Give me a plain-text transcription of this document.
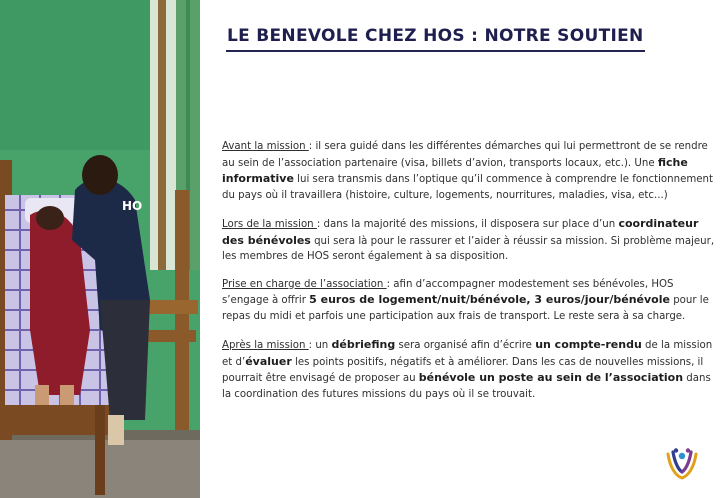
HO
LE BENEVOLE CHEZ HOS : NOTRE SOUTIEN

Avant la mission : il sera guidé dans les différentes démarches qui lui permettront de se rendre au sein de l’association partenaire (visa, billets d’avion, transports locaux, etc.). Une fiche informative lui sera transmis dans l’optique qu’il commence à comprendre le fonctionnement du pays où il travaillera (histoire, culture, logements, nourritures, maladies, visa, etc...)

Lors de la mission : dans la majorité des missions, il disposera sur place d’un coordinateur des bénévoles qui sera là pour le rassurer et l’aider à réussir sa mission. Si problème majeur, les membres de HOS seront également à sa disposition.

Prise en charge de l’association : afin d’accompagner modestement ses bénévoles, HOS s’engage à offrir 5 euros de logement/nuit/bénévole, 3 euros/jour/bénévole pour le repas du midi et parfois une participation aux frais de transport. Le reste sera à sa charge.

Après la mission : un débriefing sera organisé afin d’écrire un compte-rendu de la mission et d’évaluer les points positifs, négatifs et à améliorer. Dans les cas de nouvelles missions, il pourrait être envisagé de proposer au bénévole un poste au sein de l’association dans la coordination des futures missions du pays où il se trouvait.
